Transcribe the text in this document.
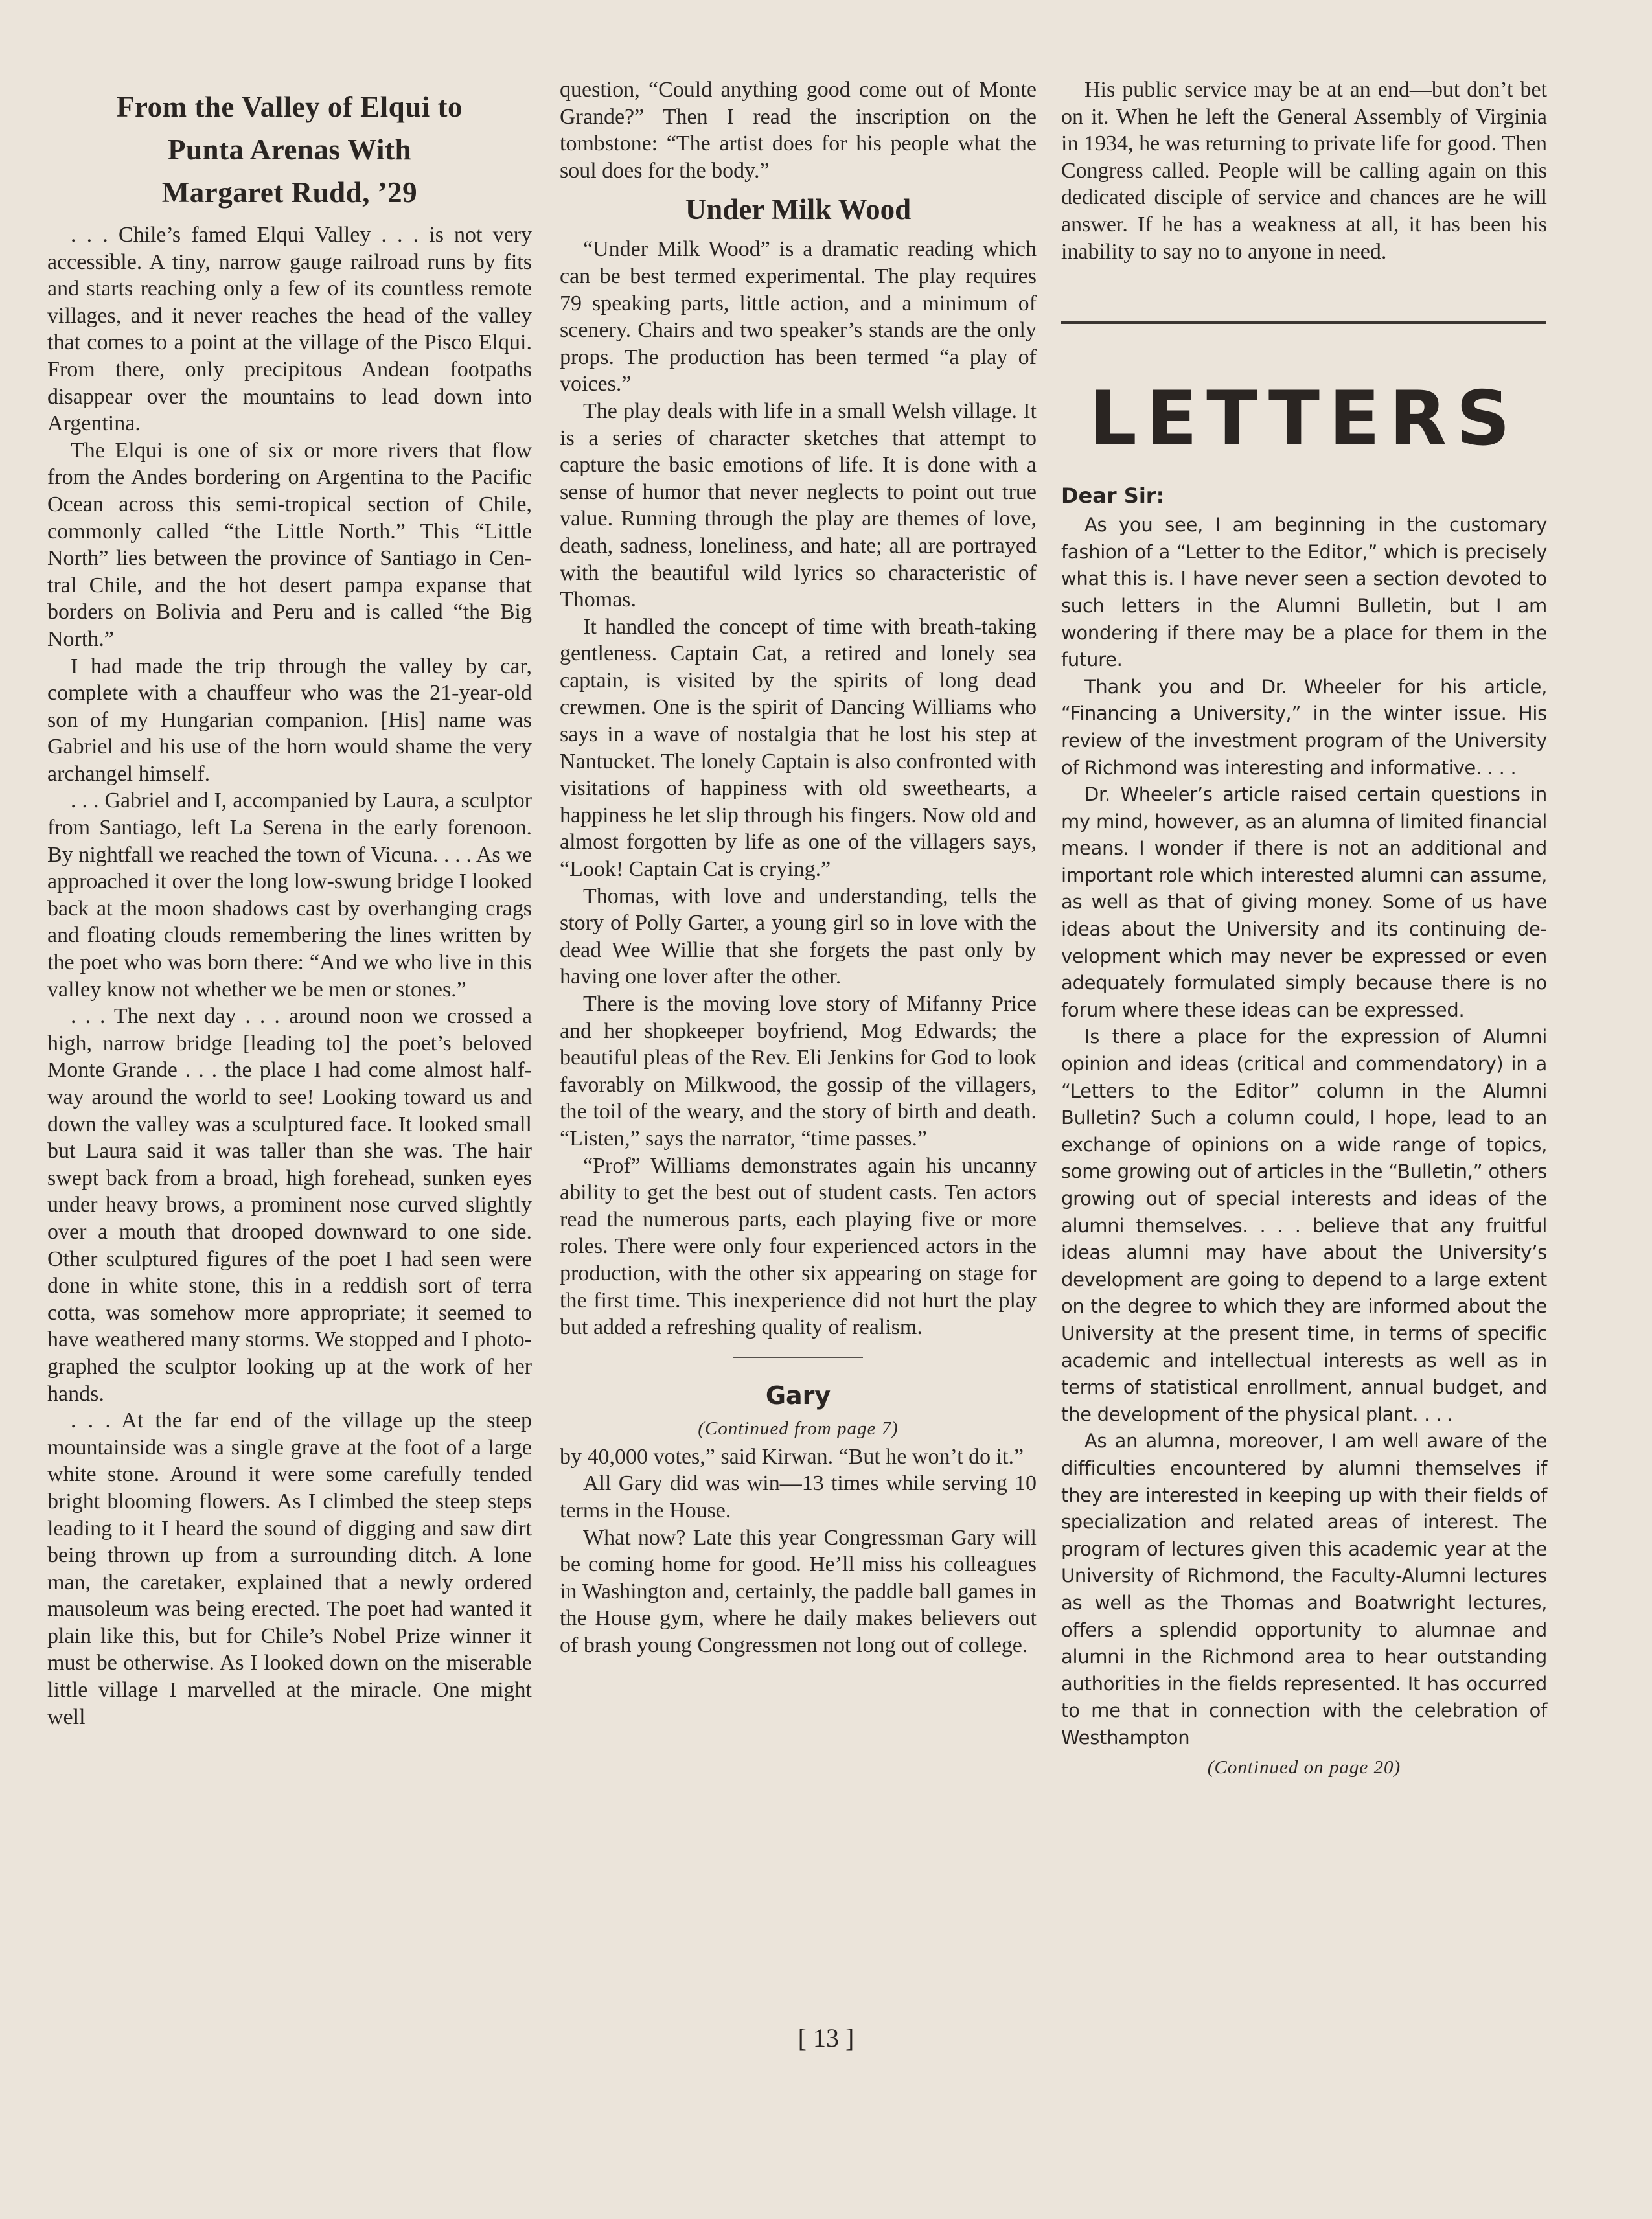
From the Valley of Elqui to
Punta Arenas With
Margaret Rudd, ’29

. . . Chile’s famed Elqui Valley . . . is not very accessible. A tiny, narrow gauge railroad runs by fits and starts reaching only a few of its countless remote villages, and it never reaches the head of the valley that comes to a point at the village of the Pisco Elqui. From there, only precipitous Andean footpaths disappear over the mountains to lead down into Argentina.

The Elqui is one of six or more rivers that flow from the Andes bordering on Argentina to the Pacific Ocean across this semi-tropical section of Chile, commonly called “the Little North.” This “Little North” lies between the province of Santiago in Central Chile, and the hot desert pampa expanse that borders on Bolivia and Peru and is called “the Big North.”

I had made the trip through the valley by car, complete with a chauffeur who was the 21-year-old son of my Hungarian companion. [His] name was Gabriel and his use of the horn would shame the very archangel himself.

. . . Gabriel and I, accompanied by Laura, a sculptor from Santiago, left La Serena in the early forenoon. By nightfall we reached the town of Vicuna. . . . As we approached it over the long low-swung bridge I looked back at the moon shadows cast by overhanging crags and floating clouds remembering the lines written by the poet who was born there: “And we who live in this valley know not whether we be men or stones.”

. . . The next day . . . around noon we crossed a high, narrow bridge [leading to] the poet’s beloved Monte Grande . . . the place I had come almost half-way around the world to see! Looking toward us and down the valley was a sculptured face. It looked small but Laura said it was taller than she was. The hair swept back from a broad, high forehead, sunken eyes under heavy brows, a prominent nose curved slightly over a mouth that drooped downward to one side. Other sculptured figures of the poet I had seen were done in white stone, this in a reddish sort of terra cotta, was somehow more appropriate; it seemed to have weathered many storms. We stopped and I photographed the sculptor looking up at the work of her hands.

. . . At the far end of the village up the steep mountainside was a single grave at the foot of a large white stone. Around it were some carefully tended bright blooming flowers. As I climbed the steep steps leading to it I heard the sound of digging and saw dirt being thrown up from a surrounding ditch. A lone man, the caretaker, explained that a newly ordered mausoleum was being erected. The poet had wanted it plain like this, but for Chile’s Nobel Prize winner it must be otherwise. As I looked down on the miserable little village I marvelled at the miracle. One might well

question, “Could anything good come out of Monte Grande?” Then I read the inscription on the tombstone: “The artist does for his people what the soul does for the body.”

Under Milk Wood

“Under Milk Wood” is a dramatic reading which can be best termed experimental. The play requires 79 speaking parts, little action, and a minimum of scenery. Chairs and two speaker’s stands are the only props. The production has been termed “a play of voices.”

The play deals with life in a small Welsh village. It is a series of character sketches that attempt to capture the basic emotions of life. It is done with a sense of humor that never neglects to point out true value. Running through the play are themes of love, death, sadness, loneliness, and hate; all are portrayed with the beautiful wild lyrics so characteristic of Thomas.

It handled the concept of time with breath-taking gentleness. Captain Cat, a retired and lonely sea captain, is visited by the spirits of long dead crewmen. One is the spirit of Dancing Williams who says in a wave of nostalgia that he lost his step at Nantucket. The lonely Captain is also confronted with visitations of happiness with old sweethearts, a happiness he let slip through his fingers. Now old and almost forgotten by life as one of the villagers says, “Look! Captain Cat is crying.”

Thomas, with love and understanding, tells the story of Polly Garter, a young girl so in love with the dead Wee Willie that she forgets the past only by having one lover after the other.

There is the moving love story of Mifanny Price and her shopkeeper boyfriend, Mog Edwards; the beautiful pleas of the Rev. Eli Jenkins for God to look favorably on Milkwood, the gossip of the villagers, the toil of the weary, and the story of birth and death. “Listen,” says the narrator, “time passes.”

“Prof” Williams demonstrates again his uncanny ability to get the best out of student casts. Ten actors read the numerous parts, each playing five or more roles. There were only four experienced actors in the production, with the other six appearing on stage for the first time. This inexperience did not hurt the play but added a refreshing quality of realism.

Gary
(Continued from page 7)

by 40,000 votes,” said Kirwan. “But he won’t do it.”

All Gary did was win—13 times while serving 10 terms in the House.

What now? Late this year Congressman Gary will be coming home for good. He’ll miss his colleagues in Washington and, certainly, the paddle ball games in the House gym, where he daily makes believers out of brash young Congressmen not long out of college.

His public service may be at an end—but don’t bet on it. When he left the General Assembly of Virginia in 1934, he was returning to private life for good. Then Congress called. People will be calling again on this dedicated disciple of service and chances are he will answer. If he has a weakness at all, it has been his inability to say no to anyone in need.

LETTERS
Dear Sir:

As you see, I am beginning in the customary fashion of a “Letter to the Editor,” which is precisely what this is. I have never seen a section devoted to such letters in the Alumni Bulletin, but I am wondering if there may be a place for them in the future.

Thank you and Dr. Wheeler for his article, “Financing a University,” in the winter issue. His review of the investment program of the University of Richmond was interesting and informative. . . .

Dr. Wheeler’s article raised certain questions in my mind, however, as an alumna of limited financial means. I wonder if there is not an additional and important role which interested alumni can assume, as well as that of giving money. Some of us have ideas about the University and its continuing development which may never be expressed or even adequately formulated simply because there is no forum where these ideas can be expressed.

Is there a place for the expression of Alumni opinion and ideas (critical and commendatory) in a “Letters to the Editor” column in the Alumni Bulletin? Such a column could, I hope, lead to an exchange of opinions on a wide range of topics, some growing out of articles in the “Bulletin,” others growing out of special interests and ideas of the alumni themselves. . . . believe that any fruitful ideas alumni may have about the University’s development are going to depend to a large extent on the degree to which they are informed about the University at the present time, in terms of specific academic and intellectual interests as well as in terms of statistical enrollment, annual budget, and the development of the physical plant. . . .

As an alumna, moreover, I am well aware of the difficulties encountered by alumni themselves if they are interested in keeping up with their fields of specialization and related areas of interest. The program of lectures given this academic year at the University of Richmond, the Faculty-Alumni lectures as well as the Thomas and Boatwright lectures, offers a splendid opportunity to alumnae and alumni in the Richmond area to hear outstanding authorities in the fields represented. It has occurred to me that in connection with the celebration of Westhampton

(Continued on page 20)
[ 13 ]
